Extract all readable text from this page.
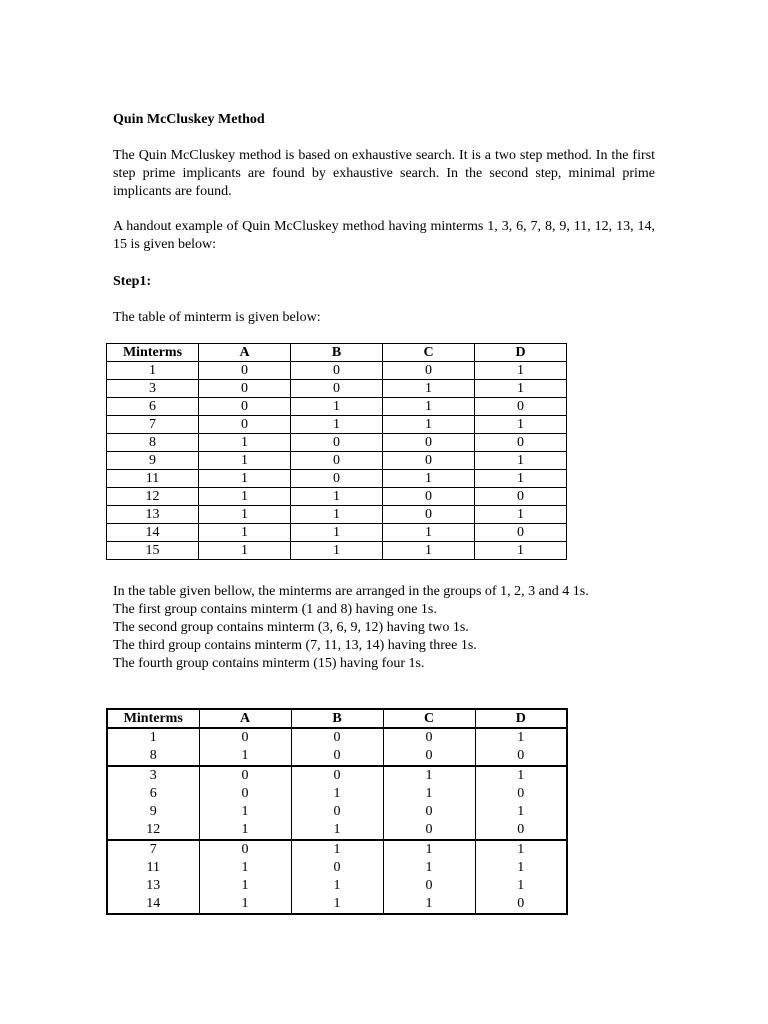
Quin McCluskey Method

The Quin McCluskey method is based on exhaustive search. It is a two step method. In the first step prime implicants are found by exhaustive search. In the second step, minimal prime implicants are found.

A handout example of Quin McCluskey method having minterms 1, 3, 6, 7, 8, 9, 11, 12, 13, 14, 15 is given below:

Step1:

The table of minterm is given below:

Minterms	A	B	C	D
1	0	0	0	1
3	0	0	1	1
6	0	1	1	0
7	0	1	1	1
8	1	0	0	0
9	1	0	0	1
11	1	0	1	1
12	1	1	0	0
13	1	1	0	1
14	1	1	1	0
15	1	1	1	1
In the table given bellow, the minterms are arranged in the groups of 1, 2, 3 and 4 1s.
The first group contains minterm (1 and 8) having one 1s.
The second group contains minterm (3, 6, 9, 12) having two 1s.
The third group contains minterm (7, 11, 13, 14) having three 1s.
The fourth group contains minterm (15) having four 1s.
Minterms	A	B	C	D
1	0	0	0	1
8	1	0	0	0
3	0	0	1	1
6	0	1	1	0
9	1	0	0	1
12	1	1	0	0
7	0	1	1	1
11	1	0	1	1
13	1	1	0	1
14	1	1	1	0
